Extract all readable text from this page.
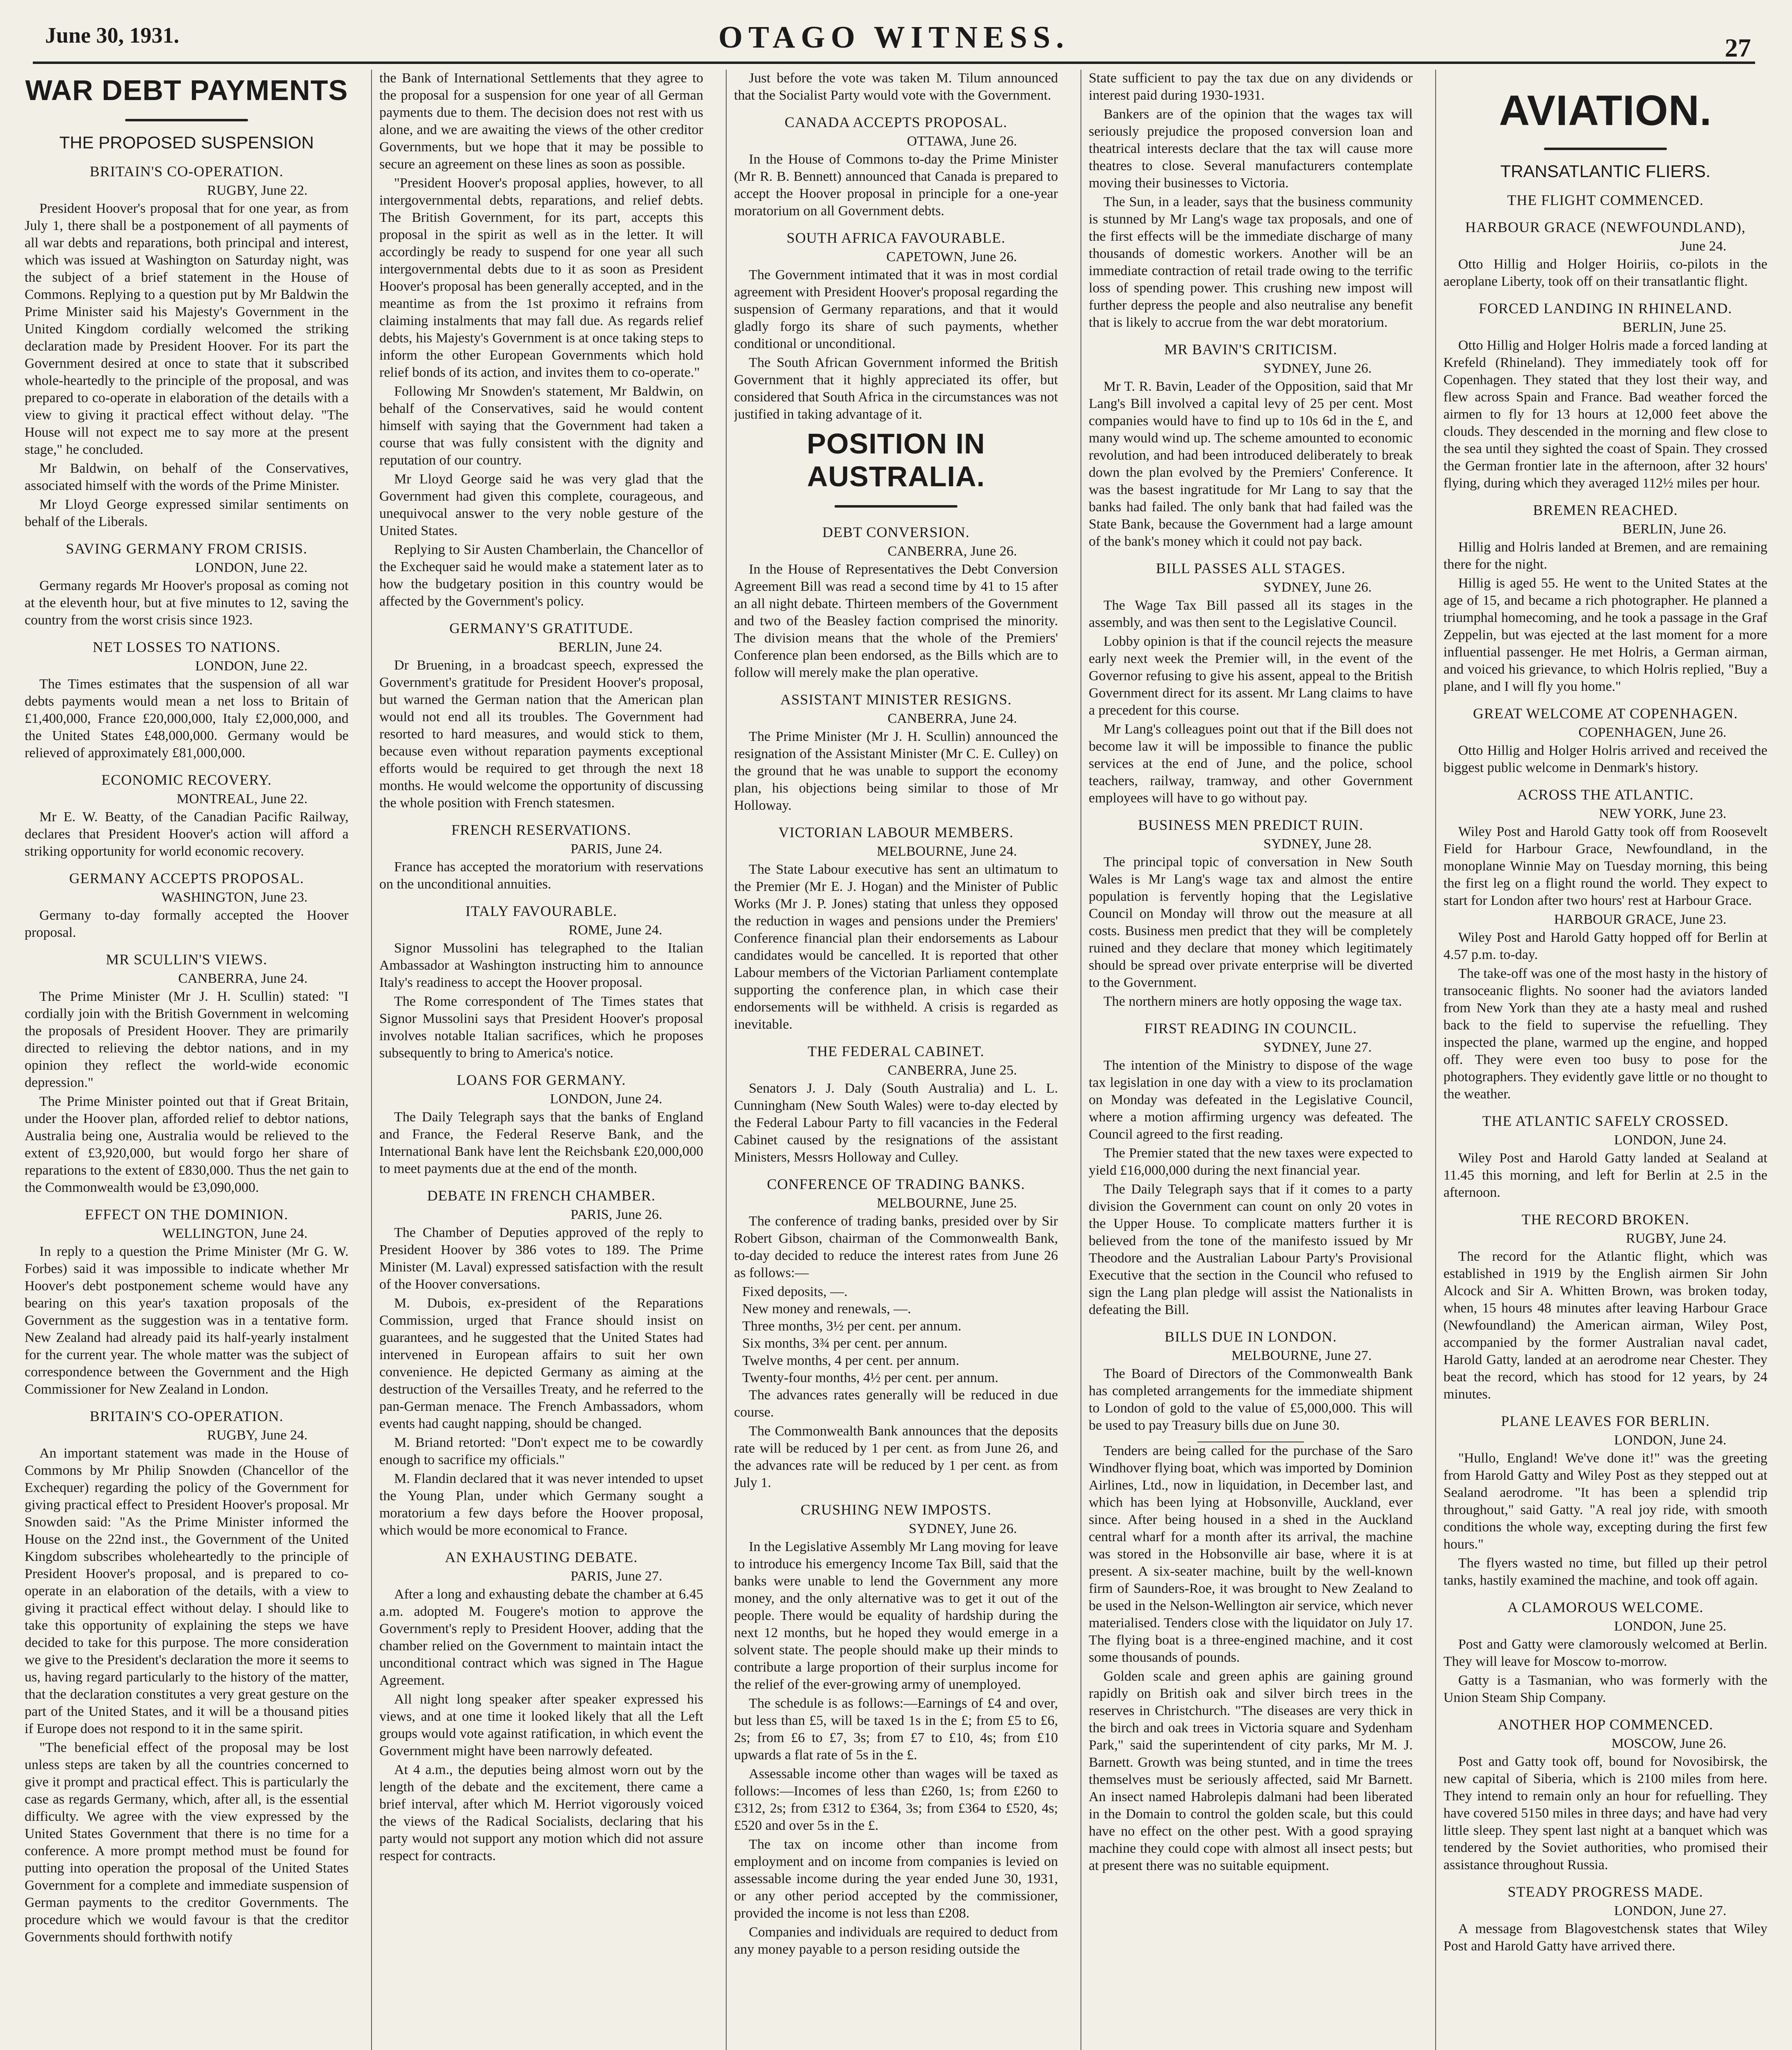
June 30, 1931.	OTAGO WITNESS.	27
WAR DEBT PAYMENTS
THE PROPOSED SUSPENSION
BRITAIN'S CO-OPERATION.
RUGBY, June 22.

President Hoover's proposal that for one year, as from July 1, there shall be a postponement of all payments of all war debts and reparations, both principal and interest, which was issued at Washington on Saturday night, was the subject of a brief statement in the House of Commons. Replying to a question put by Mr Baldwin the Prime Minister said his Majesty's Government in the United Kingdom cordially welcomed the striking declaration made by President Hoover. For its part the Government desired at once to state that it subscribed whole-heartedly to the principle of the proposal, and was prepared to co-operate in elaboration of the details with a view to giving it practical effect without delay. "The House will not expect me to say more at the present stage," he concluded.

Mr Baldwin, on behalf of the Conservatives, associated himself with the words of the Prime Minister.

Mr Lloyd George expressed similar sentiments on behalf of the Liberals.

SAVING GERMANY FROM CRISIS.
LONDON, June 22.

Germany regards Mr Hoover's proposal as coming not at the eleventh hour, but at five minutes to 12, saving the country from the worst crisis since 1923.

NET LOSSES TO NATIONS.
LONDON, June 22.

The Times estimates that the suspension of all war debts payments would mean a net loss to Britain of £1,400,000, France £20,000,000, Italy £2,000,000, and the United States £48,000,000. Germany would be relieved of approximately £81,000,000.

ECONOMIC RECOVERY.
MONTREAL, June 22.

Mr E. W. Beatty, of the Canadian Pacific Railway, declares that President Hoover's action will afford a striking opportunity for world economic recovery.

GERMANY ACCEPTS PROPOSAL.
WASHINGTON, June 23.

Germany to-day formally accepted the Hoover proposal.

MR SCULLIN'S VIEWS.
CANBERRA, June 24.

The Prime Minister (Mr J. H. Scullin) stated: "I cordially join with the British Government in welcoming the proposals of President Hoover. They are primarily directed to relieving the debtor nations, and in my opinion they reflect the world-wide economic depression."

The Prime Minister pointed out that if Great Britain, under the Hoover plan, afforded relief to debtor nations, Australia being one, Australia would be relieved to the extent of £3,920,000, but would forgo her share of reparations to the extent of £830,000. Thus the net gain to the Commonwealth would be £3,090,000.

EFFECT ON THE DOMINION.
WELLINGTON, June 24.

In reply to a question the Prime Minister (Mr G. W. Forbes) said it was impossible to indicate whether Mr Hoover's debt postponement scheme would have any bearing on this year's taxation proposals of the Government as the suggestion was in a tentative form. New Zealand had already paid its half-yearly instalment for the current year. The whole matter was the subject of correspondence between the Government and the High Commissioner for New Zealand in London.

BRITAIN'S CO-OPERATION.
RUGBY, June 24.

An important statement was made in the House of Commons by Mr Philip Snowden (Chancellor of the Exchequer) regarding the policy of the Government for giving practical effect to President Hoover's proposal. Mr Snowden said: "As the Prime Minister informed the House on the 22nd inst., the Government of the United Kingdom subscribes wholeheartedly to the principle of President Hoover's proposal, and is prepared to co-operate in an elaboration of the details, with a view to giving it practical effect without delay. I should like to take this opportunity of explaining the steps we have decided to take for this purpose. The more consideration we give to the President's declaration the more it seems to us, having regard particularly to the history of the matter, that the declaration constitutes a very great gesture on the part of the United States, and it will be a thousand pities if Europe does not respond to it in the same spirit.

"The beneficial effect of the proposal may be lost unless steps are taken by all the countries concerned to give it prompt and practical effect. This is particularly the case as regards Germany, which, after all, is the essential difficulty. We agree with the view expressed by the United States Government that there is no time for a conference. A more prompt method must be found for putting into operation the proposal of the United States Government for a complete and immediate suspension of German payments to the creditor Governments. The procedure which we would favour is that the creditor Governments should forthwith notify

the Bank of International Settlements that they agree to the proposal for a suspension for one year of all German payments due to them. The decision does not rest with us alone, and we are awaiting the views of the other creditor Governments, but we hope that it may be possible to secure an agreement on these lines as soon as possible.

"President Hoover's proposal applies, however, to all intergovernmental debts, reparations, and relief debts. The British Government, for its part, accepts this proposal in the spirit as well as in the letter. It will accordingly be ready to suspend for one year all such intergovernmental debts due to it as soon as President Hoover's proposal has been generally accepted, and in the meantime as from the 1st proximo it refrains from claiming instalments that may fall due. As regards relief debts, his Majesty's Government is at once taking steps to inform the other European Governments which hold relief bonds of its action, and invites them to co-operate."

Following Mr Snowden's statement, Mr Baldwin, on behalf of the Conservatives, said he would content himself with saying that the Government had taken a course that was fully consistent with the dignity and reputation of our country.

Mr Lloyd George said he was very glad that the Government had given this complete, courageous, and unequivocal answer to the very noble gesture of the United States.

Replying to Sir Austen Chamberlain, the Chancellor of the Exchequer said he would make a statement later as to how the budgetary position in this country would be affected by the Government's policy.

GERMANY'S GRATITUDE.
BERLIN, June 24.

Dr Bruening, in a broadcast speech, expressed the Government's gratitude for President Hoover's proposal, but warned the German nation that the American plan would not end all its troubles. The Government had resorted to hard measures, and would stick to them, because even without reparation payments exceptional efforts would be required to get through the next 18 months. He would welcome the opportunity of discussing the whole position with French statesmen.

FRENCH RESERVATIONS.
PARIS, June 24.

France has accepted the moratorium with reservations on the unconditional annuities.

ITALY FAVOURABLE.
ROME, June 24.

Signor Mussolini has telegraphed to the Italian Ambassador at Washington instructing him to announce Italy's readiness to accept the Hoover proposal.

The Rome correspondent of The Times states that Signor Mussolini says that President Hoover's proposal involves notable Italian sacrifices, which he proposes subsequently to bring to America's notice.

LOANS FOR GERMANY.
LONDON, June 24.

The Daily Telegraph says that the banks of England and France, the Federal Reserve Bank, and the International Bank have lent the Reichsbank £20,000,000 to meet payments due at the end of the month.

DEBATE IN FRENCH CHAMBER.
PARIS, June 26.

The Chamber of Deputies approved of the reply to President Hoover by 386 votes to 189. The Prime Minister (M. Laval) expressed satisfaction with the result of the Hoover conversations.

M. Dubois, ex-president of the Reparations Commission, urged that France should insist on guarantees, and he suggested that the United States had intervened in European affairs to suit her own convenience. He depicted Germany as aiming at the destruction of the Versailles Treaty, and he referred to the pan-German menace. The French Ambassadors, whom events had caught napping, should be changed.

M. Briand retorted: "Don't expect me to be cowardly enough to sacrifice my officials."

M. Flandin declared that it was never intended to upset the Young Plan, under which Germany sought a moratorium a few days before the Hoover proposal, which would be more economical to France.

AN EXHAUSTING DEBATE.
PARIS, June 27.

After a long and exhausting debate the chamber at 6.45 a.m. adopted M. Fougere's motion to approve the Government's reply to President Hoover, adding that the chamber relied on the Government to maintain intact the unconditional contract which was signed in The Hague Agreement.

All night long speaker after speaker expressed his views, and at one time it looked likely that all the Left groups would vote against ratification, in which event the Government might have been narrowly defeated.

At 4 a.m., the deputies being almost worn out by the length of the debate and the excitement, there came a brief interval, after which M. Herriot vigorously voiced the views of the Radical Socialists, declaring that his party would not support any motion which did not assure respect for contracts.

Just before the vote was taken M. Tilum announced that the Socialist Party would vote with the Government.

CANADA ACCEPTS PROPOSAL.
OTTAWA, June 26.

In the House of Commons to-day the Prime Minister (Mr R. B. Bennett) announced that Canada is prepared to accept the Hoover proposal in principle for a one-year moratorium on all Government debts.

SOUTH AFRICA FAVOURABLE.
CAPETOWN, June 26.

The Government intimated that it was in most cordial agreement with President Hoover's proposal regarding the suspension of Germany reparations, and that it would gladly forgo its share of such payments, whether conditional or unconditional.

The South African Government informed the British Government that it highly appreciated its offer, but considered that South Africa in the circumstances was not justified in taking advantage of it.

POSITION IN AUSTRALIA.
DEBT CONVERSION.
CANBERRA, June 26.

In the House of Representatives the Debt Conversion Agreement Bill was read a second time by 41 to 15 after an all night debate. Thirteen members of the Government and two of the Beasley faction comprised the minority. The division means that the whole of the Premiers' Conference plan been endorsed, as the Bills which are to follow will merely make the plan operative.

ASSISTANT MINISTER RESIGNS.
CANBERRA, June 24.

The Prime Minister (Mr J. H. Scullin) announced the resignation of the Assistant Minister (Mr C. E. Culley) on the ground that he was unable to support the economy plan, his objections being similar to those of Mr Holloway.

VICTORIAN LABOUR MEMBERS.
MELBOURNE, June 24.

The State Labour executive has sent an ultimatum to the Premier (Mr E. J. Hogan) and the Minister of Public Works (Mr J. P. Jones) stating that unless they opposed the reduction in wages and pensions under the Premiers' Conference financial plan their endorsements as Labour candidates would be cancelled. It is reported that other Labour members of the Victorian Parliament contemplate supporting the conference plan, in which case their endorsements will be withheld. A crisis is regarded as inevitable.

THE FEDERAL CABINET.
CANBERRA, June 25.

Senators J. J. Daly (South Australia) and L. L. Cunningham (New South Wales) were to-day elected by the Federal Labour Party to fill vacancies in the Federal Cabinet caused by the resignations of the assistant Ministers, Messrs Holloway and Culley.

CONFERENCE OF TRADING BANKS.
MELBOURNE, June 25.

The conference of trading banks, presided over by Sir Robert Gibson, chairman of the Commonwealth Bank, to-day decided to reduce the interest rates from June 26 as follows:—

Fixed deposits, —.

New money and renewals, —.

Three months, 3½ per cent. per annum.

Six months, 3¾ per cent. per annum.

Twelve months, 4 per cent. per annum.

Twenty-four months, 4½ per cent. per annum.

The advances rates generally will be reduced in due course.

The Commonwealth Bank announces that the deposits rate will be reduced by 1 per cent. as from June 26, and the advances rate will be reduced by 1 per cent. as from July 1.

CRUSHING NEW IMPOSTS.
SYDNEY, June 26.

In the Legislative Assembly Mr Lang moving for leave to introduce his emergency Income Tax Bill, said that the banks were unable to lend the Government any more money, and the only alternative was to get it out of the people. There would be equality of hardship during the next 12 months, but he hoped they would emerge in a solvent state. The people should make up their minds to contribute a large proportion of their surplus income for the relief of the ever-growing army of unemployed.

The schedule is as follows:—Earnings of £4 and over, but less than £5, will be taxed 1s in the £; from £5 to £6, 2s; from £6 to £7, 3s; from £7 to £10, 4s; from £10 upwards a flat rate of 5s in the £.

Assessable income other than wages will be taxed as follows:—Incomes of less than £260, 1s; from £260 to £312, 2s; from £312 to £364, 3s; from £364 to £520, 4s; £520 and over 5s in the £.

The tax on income other than income from employment and on income from companies is levied on assessable income during the year ended June 30, 1931, or any other period accepted by the commissioner, provided the income is not less than £208.

Companies and individuals are required to deduct from any money payable to a person residing outside the

State sufficient to pay the tax due on any dividends or interest paid during 1930-1931.

Bankers are of the opinion that the wages tax will seriously prejudice the proposed conversion loan and theatrical interests declare that the tax will cause more theatres to close. Several manufacturers contemplate moving their businesses to Victoria.

The Sun, in a leader, says that the business community is stunned by Mr Lang's wage tax proposals, and one of the first effects will be the immediate discharge of many thousands of domestic workers. Another will be an immediate contraction of retail trade owing to the terrific loss of spending power. This crushing new impost will further depress the people and also neutralise any benefit that is likely to accrue from the war debt moratorium.

MR BAVIN'S CRITICISM.
SYDNEY, June 26.

Mr T. R. Bavin, Leader of the Opposition, said that Mr Lang's Bill involved a capital levy of 25 per cent. Most companies would have to find up to 10s 6d in the £, and many would wind up. The scheme amounted to economic revolution, and had been introduced deliberately to break down the plan evolved by the Premiers' Conference. It was the basest ingratitude for Mr Lang to say that the banks had failed. The only bank that had failed was the State Bank, because the Government had a large amount of the bank's money which it could not pay back.

BILL PASSES ALL STAGES.
SYDNEY, June 26.

The Wage Tax Bill passed all its stages in the assembly, and was then sent to the Legislative Council.

Lobby opinion is that if the council rejects the measure early next week the Premier will, in the event of the Governor refusing to give his assent, appeal to the British Government direct for its assent. Mr Lang claims to have a precedent for this course.

Mr Lang's colleagues point out that if the Bill does not become law it will be impossible to finance the public services at the end of June, and the police, school teachers, railway, tramway, and other Government employees will have to go without pay.

BUSINESS MEN PREDICT RUIN.
SYDNEY, June 28.

The principal topic of conversation in New South Wales is Mr Lang's wage tax and almost the entire population is fervently hoping that the Legislative Council on Monday will throw out the measure at all costs. Business men predict that they will be completely ruined and they declare that money which legitimately should be spread over private enterprise will be diverted to the Government.

The northern miners are hotly opposing the wage tax.

FIRST READING IN COUNCIL.
SYDNEY, June 27.

The intention of the Ministry to dispose of the wage tax legislation in one day with a view to its proclamation on Monday was defeated in the Legislative Council, where a motion affirming urgency was defeated. The Council agreed to the first reading.

The Premier stated that the new taxes were expected to yield £16,000,000 during the next financial year.

The Daily Telegraph says that if it comes to a party division the Government can count on only 20 votes in the Upper House. To complicate matters further it is believed from the tone of the manifesto issued by Mr Theodore and the Australian Labour Party's Provisional Executive that the section in the Council who refused to sign the Lang plan pledge will assist the Nationalists in defeating the Bill.

BILLS DUE IN LONDON.
MELBOURNE, June 27.

The Board of Directors of the Commonwealth Bank has completed arrangements for the immediate shipment to London of gold to the value of £5,000,000. This will be used to pay Treasury bills due on June 30.

Tenders are being called for the purchase of the Saro Windhover flying boat, which was imported by Dominion Airlines, Ltd., now in liquidation, in December last, and which has been lying at Hobsonville, Auckland, ever since. After being housed in a shed in the Auckland central wharf for a month after its arrival, the machine was stored in the Hobsonville air base, where it is at present. A six-seater machine, built by the well-known firm of Saunders-Roe, it was brought to New Zealand to be used in the Nelson-Wellington air service, which never materialised. Tenders close with the liquidator on July 17. The flying boat is a three-engined machine, and it cost some thousands of pounds.

Golden scale and green aphis are gaining ground rapidly on British oak and silver birch trees in the reserves in Christchurch. "The diseases are very thick in the birch and oak trees in Victoria square and Sydenham Park," said the superintendent of city parks, Mr M. J. Barnett. Growth was being stunted, and in time the trees themselves must be seriously affected, said Mr Barnett. An insect named Habrolepis dalmani had been liberated in the Domain to control the golden scale, but this could have no effect on the other pest. With a good spraying machine they could cope with almost all insect pests; but at present there was no suitable equipment.

AVIATION.
TRANSATLANTIC FLIERS.
THE FLIGHT COMMENCED.
HARBOUR GRACE (NEWFOUNDLAND),
June 24.

Otto Hillig and Holger Hoiriis, co-pilots in the aeroplane Liberty, took off on their transatlantic flight.

FORCED LANDING IN RHINELAND.
BERLIN, June 25.

Otto Hillig and Holger Holris made a forced landing at Krefeld (Rhineland). They immediately took off for Copenhagen. They stated that they lost their way, and flew across Spain and France. Bad weather forced the airmen to fly for 13 hours at 12,000 feet above the clouds. They descended in the morning and flew close to the sea until they sighted the coast of Spain. They crossed the German frontier late in the afternoon, after 32 hours' flying, during which they averaged 112½ miles per hour.

BREMEN REACHED.
BERLIN, June 26.

Hillig and Holris landed at Bremen, and are remaining there for the night.

Hillig is aged 55. He went to the United States at the age of 15, and became a rich photographer. He planned a triumphal homecoming, and he took a passage in the Graf Zeppelin, but was ejected at the last moment for a more influential passenger. He met Holris, a German airman, and voiced his grievance, to which Holris replied, "Buy a plane, and I will fly you home."

GREAT WELCOME AT COPENHAGEN.
COPENHAGEN, June 26.

Otto Hillig and Holger Holris arrived and received the biggest public welcome in Denmark's history.

ACROSS THE ATLANTIC.
NEW YORK, June 23.

Wiley Post and Harold Gatty took off from Roosevelt Field for Harbour Grace, Newfoundland, in the monoplane Winnie May on Tuesday morning, this being the first leg on a flight round the world. They expect to start for London after two hours' rest at Harbour Grace.

HARBOUR GRACE, June 23.

Wiley Post and Harold Gatty hopped off for Berlin at 4.57 p.m. to-day.

The take-off was one of the most hasty in the history of transoceanic flights. No sooner had the aviators landed from New York than they ate a hasty meal and rushed back to the field to supervise the refuelling. They inspected the plane, warmed up the engine, and hopped off. They were even too busy to pose for the photographers. They evidently gave little or no thought to the weather.

THE ATLANTIC SAFELY CROSSED.
LONDON, June 24.

Wiley Post and Harold Gatty landed at Sealand at 11.45 this morning, and left for Berlin at 2.5 in the afternoon.

THE RECORD BROKEN.
RUGBY, June 24.

The record for the Atlantic flight, which was established in 1919 by the English airmen Sir John Alcock and Sir A. Whitten Brown, was broken today, when, 15 hours 48 minutes after leaving Harbour Grace (Newfoundland) the American airman, Wiley Post, accompanied by the former Australian naval cadet, Harold Gatty, landed at an aerodrome near Chester. They beat the record, which has stood for 12 years, by 24 minutes.

PLANE LEAVES FOR BERLIN.
LONDON, June 24.

"Hullo, England! We've done it!" was the greeting from Harold Gatty and Wiley Post as they stepped out at Sealand aerodrome. "It has been a splendid trip throughout," said Gatty. "A real joy ride, with smooth conditions the whole way, excepting during the first few hours."

The flyers wasted no time, but filled up their petrol tanks, hastily examined the machine, and took off again.

A CLAMOROUS WELCOME.
LONDON, June 25.

Post and Gatty were clamorously welcomed at Berlin. They will leave for Moscow to-morrow.

Gatty is a Tasmanian, who was formerly with the Union Steam Ship Company.

ANOTHER HOP COMMENCED.
MOSCOW, June 26.

Post and Gatty took off, bound for Novosibirsk, the new capital of Siberia, which is 2100 miles from here. They intend to remain only an hour for refuelling. They have covered 5150 miles in three days; and have had very little sleep. They spent last night at a banquet which was tendered by the Soviet authorities, who promised their assistance throughout Russia.

STEADY PROGRESS MADE.
LONDON, June 27.

A message from Blagovestchensk states that Wiley Post and Harold Gatty have arrived there.
